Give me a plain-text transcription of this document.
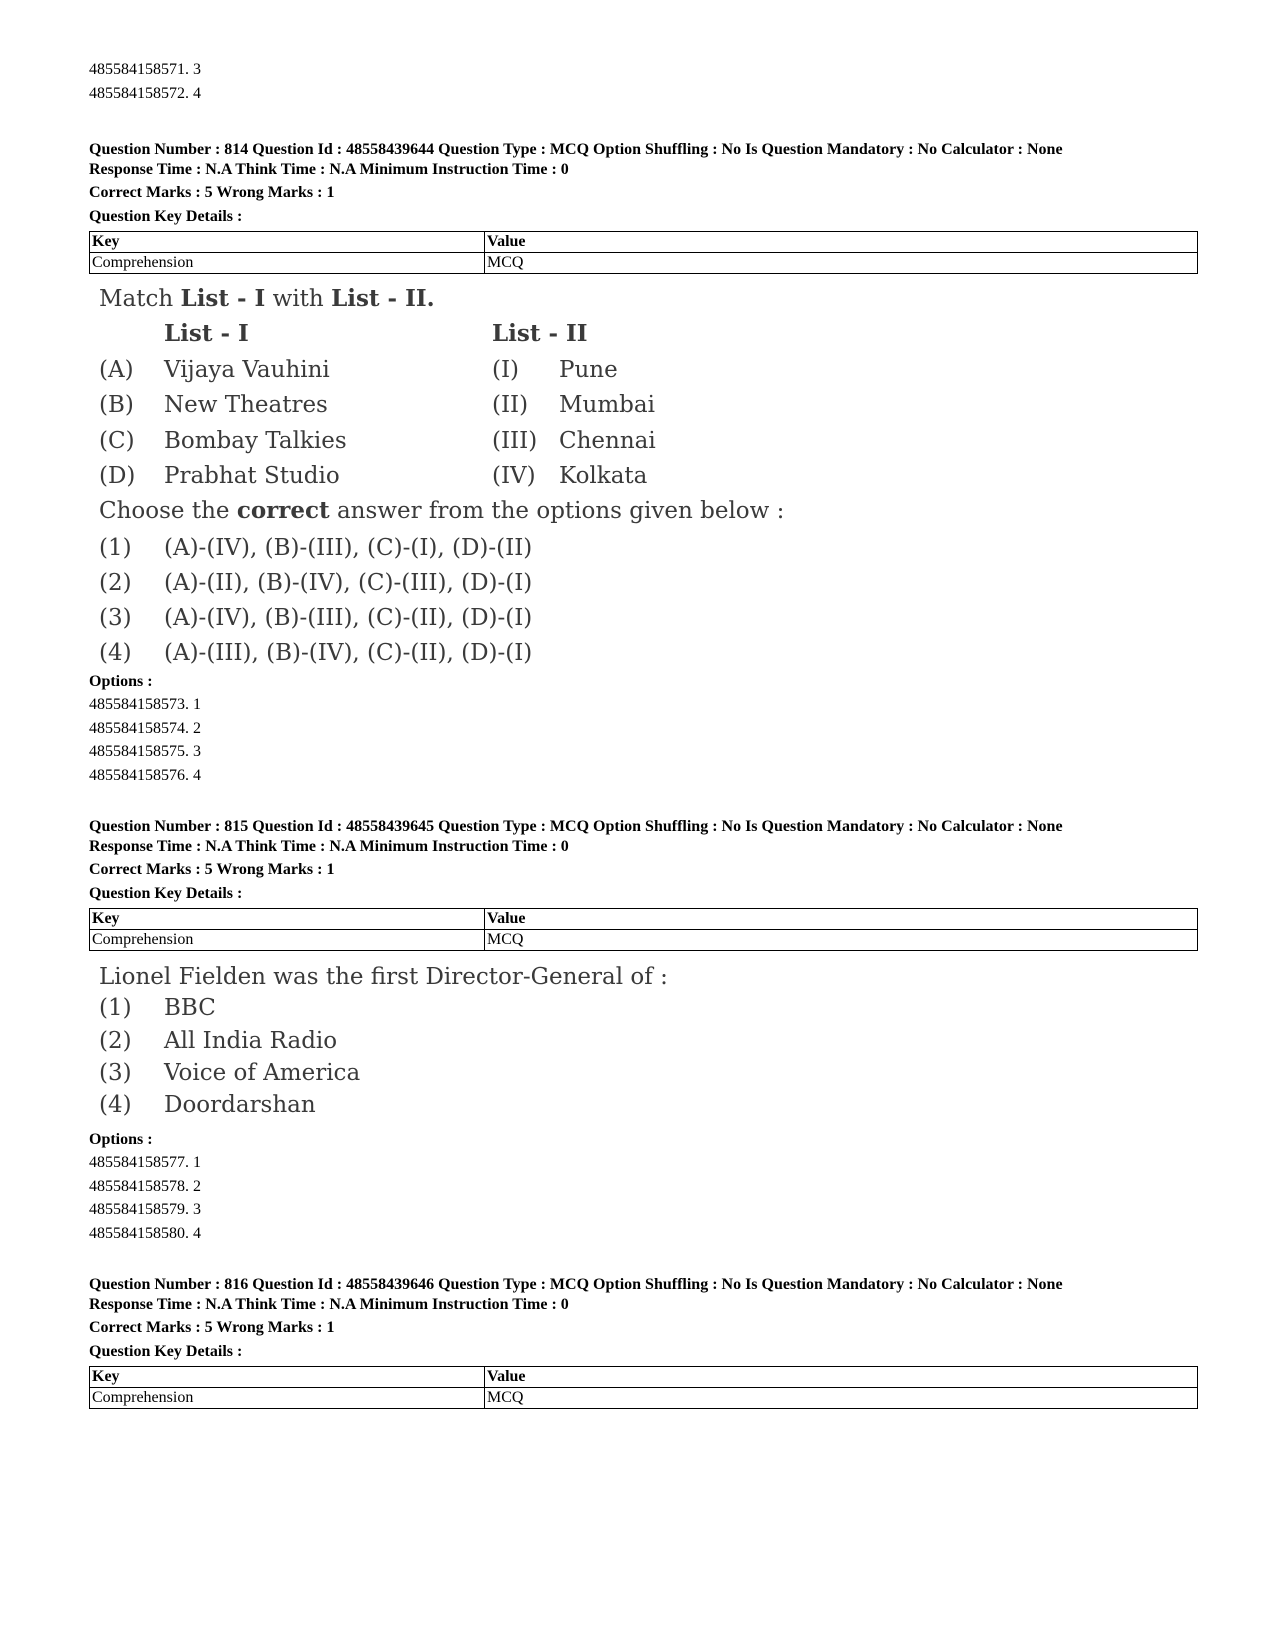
485584158571. 3
485584158572. 4
Question Number : 814 Question Id : 48558439644 Question Type : MCQ Option Shuffling : No Is Question Mandatory : No Calculator : None
Response Time : N.A Think Time : N.A Minimum Instruction Time : 0
Correct Marks : 5 Wrong Marks : 1
Question Key Details :
Key	Value
Comprehension	MCQ
Match List - I with List - II.
List - I	List - II
(A) Vijaya Vauhini	(I) Pune
(B) New Theatres	(II) Mumbai
(C) Bombay Talkies	(III) Chennai
(D) Prabhat Studio	(IV) Kolkata
Choose the correct answer from the options given below :
(1) (A)-(IV), (B)-(III), (C)-(I), (D)-(II)
(2) (A)-(II), (B)-(IV), (C)-(III), (D)-(I)
(3) (A)-(IV), (B)-(III), (C)-(II), (D)-(I)
(4) (A)-(III), (B)-(IV), (C)-(II), (D)-(I)
Options :
485584158573. 1
485584158574. 2
485584158575. 3
485584158576. 4
Question Number : 815 Question Id : 48558439645 Question Type : MCQ Option Shuffling : No Is Question Mandatory : No Calculator : None
Response Time : N.A Think Time : N.A Minimum Instruction Time : 0
Correct Marks : 5 Wrong Marks : 1
Question Key Details :
Key	Value
Comprehension	MCQ
Lionel Fielden was the first Director-General of :
(1) BBC
(2) All India Radio
(3) Voice of America
(4) Doordarshan
Options :
485584158577. 1
485584158578. 2
485584158579. 3
485584158580. 4
Question Number : 816 Question Id : 48558439646 Question Type : MCQ Option Shuffling : No Is Question Mandatory : No Calculator : None
Response Time : N.A Think Time : N.A Minimum Instruction Time : 0
Correct Marks : 5 Wrong Marks : 1
Question Key Details :
Key	Value
Comprehension	MCQ
